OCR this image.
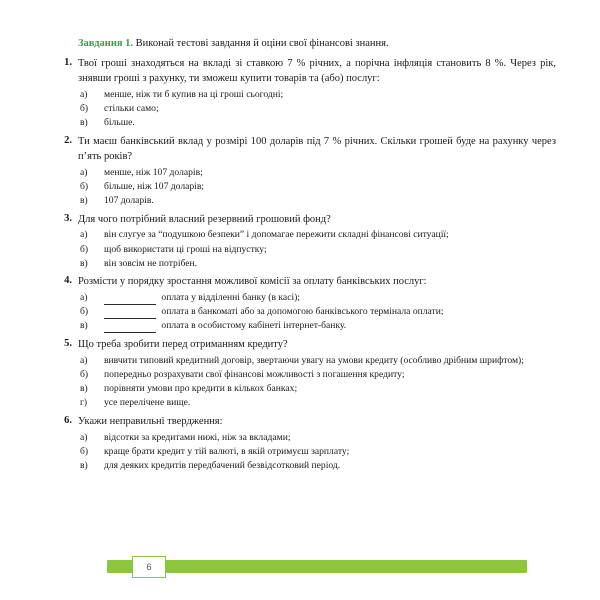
Завдання 1. Виконай тестові завдання й оціни свої фінансові знання.

1. Твої гроші знаходяться на вкладі зі ставкою 7 % річних, а порічна інфляція становить 8 %. Через рік, знявши гроші з рахунку, ти зможеш купити товарів та (або) послуг:

а)	менше, ніж ти б купив на ці гроші сьогодні;
б)	стільки само;
в)	більше.
2. Ти маєш банківський вклад у розмірі 100 доларів під 7 % річних. Скільки грошей буде на рахунку через п’ять років?

а)	менше, ніж 107 доларів;
б)	більше, ніж 107 доларів;
в)	107 доларів.
3. Для чого потрібний власний резервний грошовий фонд?

а)	він слугуе за “подушкою безпеки” і допомагае пережити складні фінансові ситуації;
б)	щоб використати ці гроші на відпустку;
в)	він зовсім не потрібен.
4. Розмісти у порядку зростання можливої комісії за оплату банківських послуг:

а)	оплата у відділенні банку (в касі);
б)	оплата в банкоматі або за допомогою банківського термінала оплати;
в)	оплата в особистому кабінеті інтернет-банку.
5. Що треба зробити перед отриманням кредиту?

а)	вивчити типовий кредитний договір, звертаючи увагу на умови кредиту (особливо дрібним шрифтом);
б)	попередньо розрахувати свої фінансові можливості з погашення кредиту;
в)	порівняти умови про кредити в кількох банках;
г)	усе перелічене вище.
6. Укажи неправильні твердження:

а)	відсотки за кредитами нижі, ніж за вкладами;
б)	краще брати кредит у тій валюті, в якій отримуєш зарплату;
в)	для деяких кредитів передбачений безвідсотковий період.
6
